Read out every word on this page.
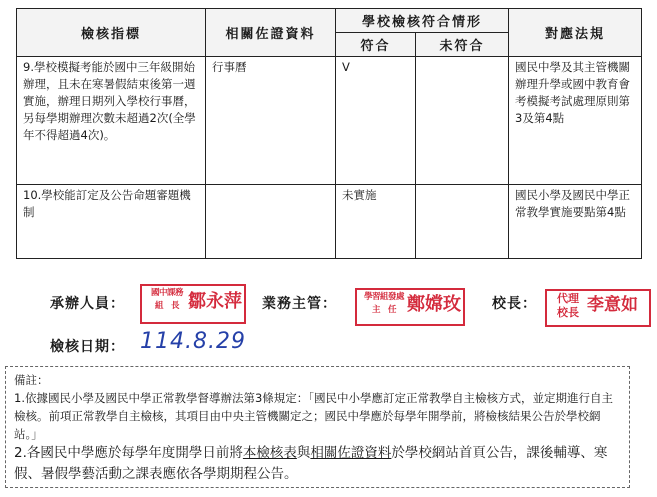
檢核指標	相關佐證資料	學校檢核符合情形		對應法規
		符合	未符合	
9.學校模擬考能於國中三年級開始辦理，且未在寒暑假結束後第一週實施，辦理日期列入學校行事曆，另每學期辦理次數未超過2次(全學年不得超過4次)。	行事曆	V		國民中學及其主管機關辦理升學或國中教育會考模擬考試處理原則第3及第4點
10.學校能訂定及公告命題審題機制		未實施		國民小學及國民中學正常教學實施要點第4點
承辦人員：
國中課務
組　長 鄒永萍 業務主管：	學習組發處
主　任 鄭嫦玫 校長：	代理
校長 李意如
檢核日期： 114.8.29
備註：
1.依據國民小學及國民中學正常教學督導辦法第3條規定：「國民中小學應訂定正常教學自主檢核方式，並定期進行自主檢核。前項正常教學自主檢核，其項目由中央主管機關定之；國民中學應於每學年開學前，將檢核結果公告於學校網站。」
2.各國民中學應於每學年度開學日前將本檢核表與相關佐證資料於學校網站首頁公告，課後輔導、寒假、暑假學藝活動之課表應依各學期期程公告。
